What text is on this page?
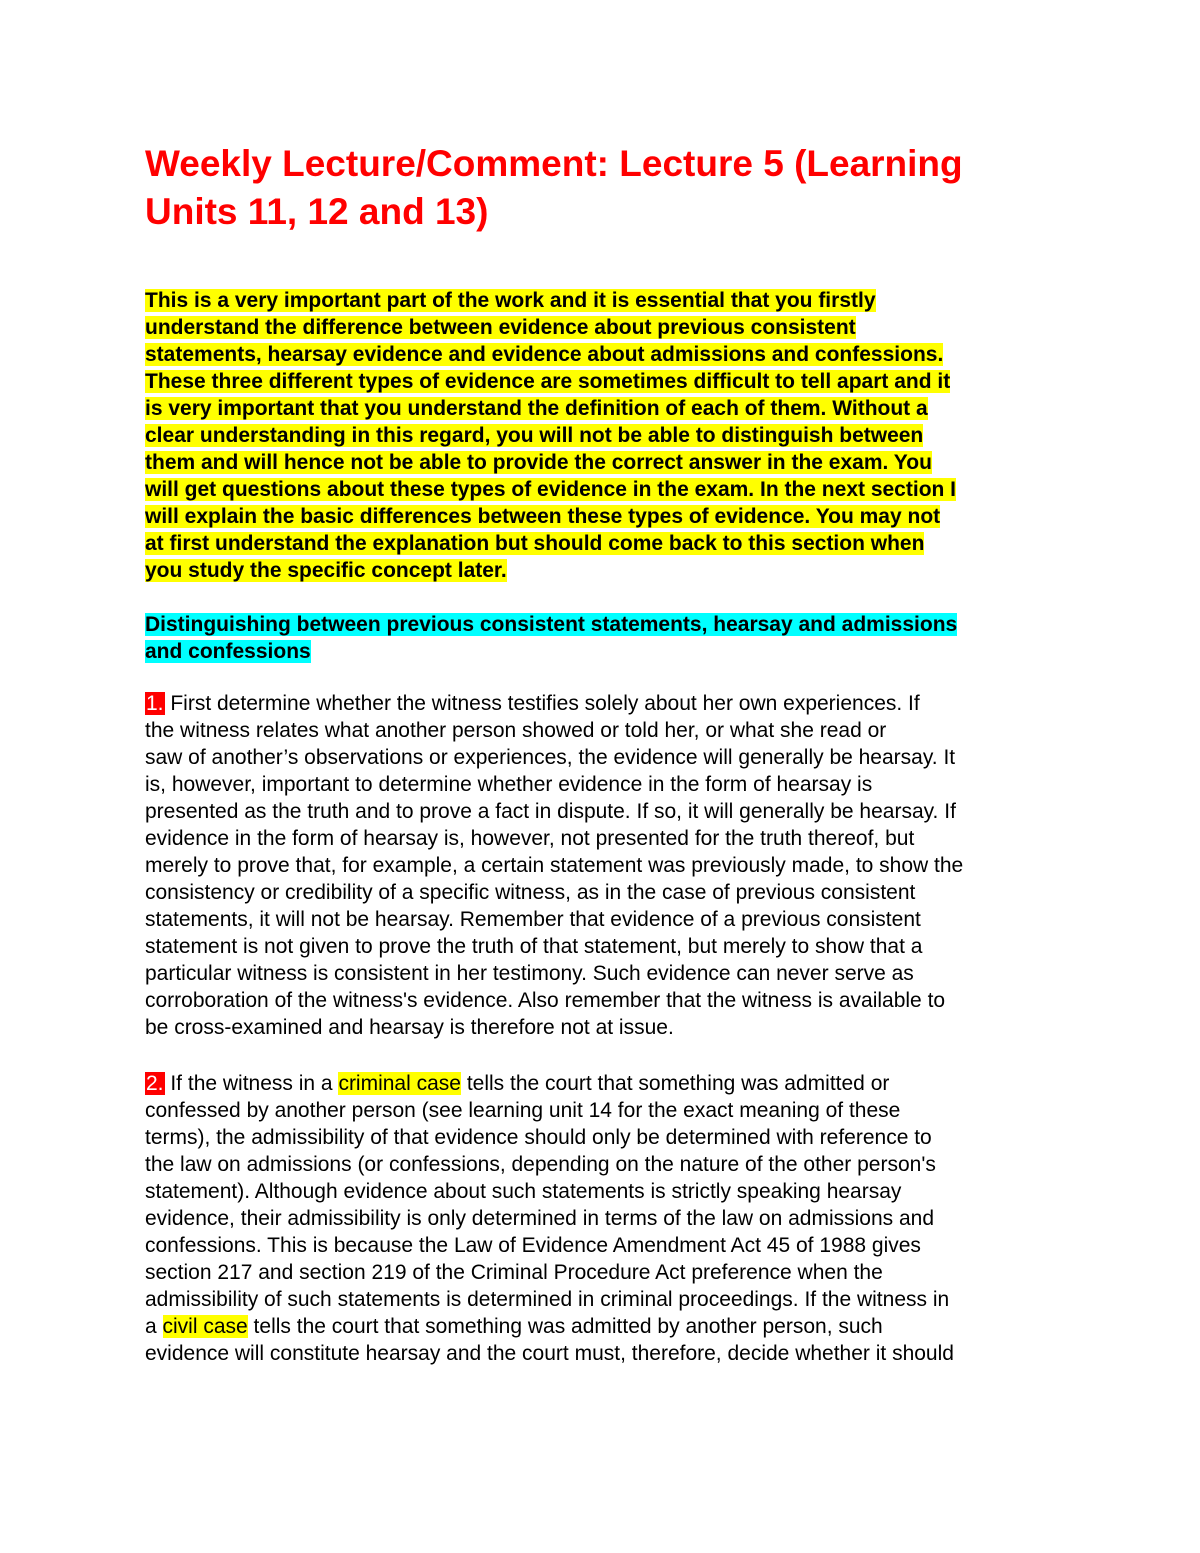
Weekly Lecture/Comment: Lecture 5 (Learning Units 11, 12 and 13)

This is a very important part of the work and it is essential that you firstly
understand the difference between evidence about previous consistent
statements, hearsay evidence and evidence about admissions and confessions.
These three different types of evidence are sometimes difficult to tell apart and it
is very important that you understand the definition of each of them. Without a
clear understanding in this regard, you will not be able to distinguish between
them and will hence not be able to provide the correct answer in the exam. You
will get questions about these types of evidence in the exam. In the next section I
will explain the basic differences between these types of evidence. You may not
at first understand the explanation but should come back to this section when
you study the specific concept later.

Distinguishing between previous consistent statements, hearsay and admissions
and confessions

1. First determine whether the witness testifies solely about her own experiences. If
the witness relates what another person showed or told her, or what she read or
saw of another’s observations or experiences, the evidence will generally be hearsay. It
is, however, important to determine whether evidence in the form of hearsay is
presented as the truth and to prove a fact in dispute. If so, it will generally be hearsay. If
evidence in the form of hearsay is, however, not presented for the truth thereof, but
merely to prove that, for example, a certain statement was previously made, to show the
consistency or credibility of a specific witness, as in the case of previous consistent
statements, it will not be hearsay. Remember that evidence of a previous consistent
statement is not given to prove the truth of that statement, but merely to show that a
particular witness is consistent in her testimony. Such evidence can never serve as
corroboration of the witness's evidence. Also remember that the witness is available to
be cross-examined and hearsay is therefore not at issue.

2. If the witness in a criminal case tells the court that something was admitted or
confessed by another person (see learning unit 14 for the exact meaning of these
terms), the admissibility of that evidence should only be determined with reference to
the law on admissions (or confessions, depending on the nature of the other person's
statement). Although evidence about such statements is strictly speaking hearsay
evidence, their admissibility is only determined in terms of the law on admissions and
confessions. This is because the Law of Evidence Amendment Act 45 of 1988 gives
section 217 and section 219 of the Criminal Procedure Act preference when the
admissibility of such statements is determined in criminal proceedings. If the witness in
a civil case tells the court that something was admitted by another person, such
evidence will constitute hearsay and the court must, therefore, decide whether it should
